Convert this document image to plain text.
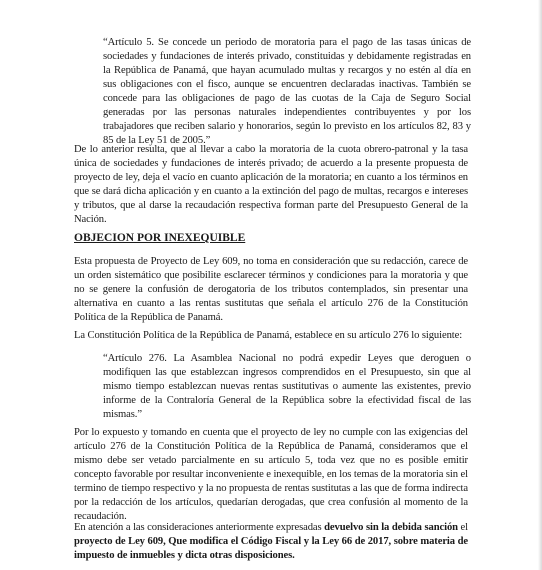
“Artículo 5. Se concede un periodo de moratoria para el pago de las tasas únicas de sociedades y fundaciones de interés privado, constituidas y debidamente registradas en la República de Panamá, que hayan acumulado multas y recargos y no estén al día en sus obligaciones con el fisco, aunque se encuentren declaradas inactivas. También se concede para las obligaciones de pago de las cuotas de la Caja de Seguro Social generadas por las personas naturales independientes contribuyentes y por los trabajadores que reciben salario y honorarios, según lo previsto en los artículos 82, 83 y 85 de la Ley 51 de 2005.”

De lo anterior resulta, que al llevar a cabo la moratoria de la cuota obrero-patronal y la tasa única de sociedades y fundaciones de interés privado; de acuerdo a la presente propuesta de proyecto de ley, deja el vacío en cuanto aplicación de la moratoria; en cuanto a los términos en que se dará dicha aplicación y en cuanto a la extinción del pago de multas, recargos e intereses y tributos, que al darse la recaudación respectiva forman parte del Presupuesto General de la Nación.

OBJECION POR INEXEQUIBLE

Esta propuesta de Proyecto de Ley 609, no toma en consideración que su redacción, carece de un orden sistemático que posibilite esclarecer términos y condiciones para la moratoria y que no se genere la confusión de derogatoria de los tributos contemplados, sin presentar una alternativa en cuanto a las rentas sustitutas que señala el artículo 276 de la Constitución Política de la República de Panamá.

La Constitución Política de la República de Panamá, establece en su artículo 276 lo siguiente:

“Artículo 276. La Asamblea Nacional no podrá expedir Leyes que deroguen o modifiquen las que establezcan ingresos comprendidos en el Presupuesto, sin que al mismo tiempo establezcan nuevas rentas sustitutivas o aumente las existentes, previo informe de la Contraloría General de la República sobre la efectividad fiscal de las mismas.”

Por lo expuesto y tomando en cuenta que el proyecto de ley no cumple con las exigencias del artículo 276 de la Constitución Política de la República de Panamá, consideramos que el mismo debe ser vetado parcialmente en su artículo 5, toda vez que no es posible emitir concepto favorable por resultar inconveniente e inexequible, en los temas de la moratoria sin el termino de tiempo respectivo y la no propuesta de rentas sustitutas a las que de forma indirecta por la redacción de los artículos, quedarían derogadas, que crea confusión al momento de la recaudación.

En atención a las consideraciones anteriormente expresadas devuelvo sin la debida sanción el proyecto de Ley 609, Que modifica el Código Fiscal y la Ley 66 de 2017, sobre materia de impuesto de inmuebles y dicta otras disposiciones.
